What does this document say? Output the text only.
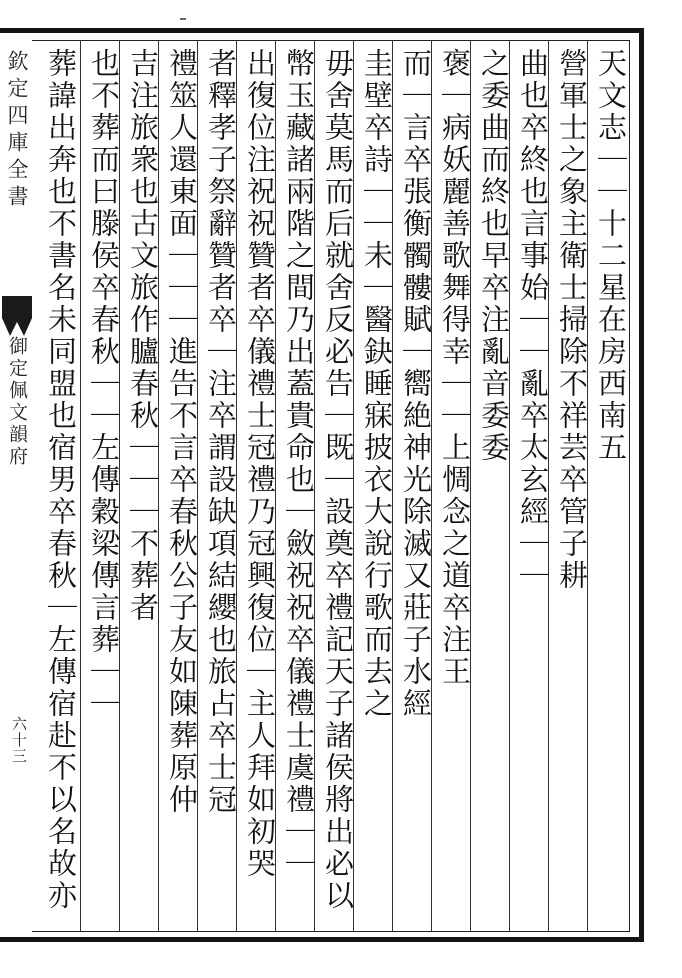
欽定四庫全書
御定佩文韻府
六十三
天文志｜｜十二星在房西南五
營軍士之象主衛士掃除不祥芸卒管子耕
曲也卒終也言事始｜｜亂卒太玄經｜｜
之委曲而終也早卒注亂音委委
褒｜病妖麗善歌舞得幸｜｜上惆念之道卒注王
而｜言卒張衡髑髏賦｜嚮絶神光除滅又莊子水經
圭壁卒詩｜｜未｜醫鈌睡寐披衣大說行歌而去之
毋舍莫馬而后就舍反必告｜既｜設奠卒禮記天子諸侯將出必以
幣玉藏諸兩階之間乃出蓋貴命也｜斂祝祝卒儀禮士虞禮｜｜
出復位注祝祝贊者卒儀禮士冠禮乃冠興復位｜主人拜如初哭
者釋孝子祭辭贊者卒｜注卒謂設缺項結纓也旅占卒士冠
禮筮人還東面｜｜｜進告不言卒春秋公子友如陳葬原仲
吉注旅衆也古文旅作臚春秋｜｜｜不葬者
也不葬而曰滕侯卒春秋｜｜左傳穀梁傳言葬｜｜
葬諱出奔也不書名未同盟也宿男卒春秋｜左傳宿赴不以名故亦
